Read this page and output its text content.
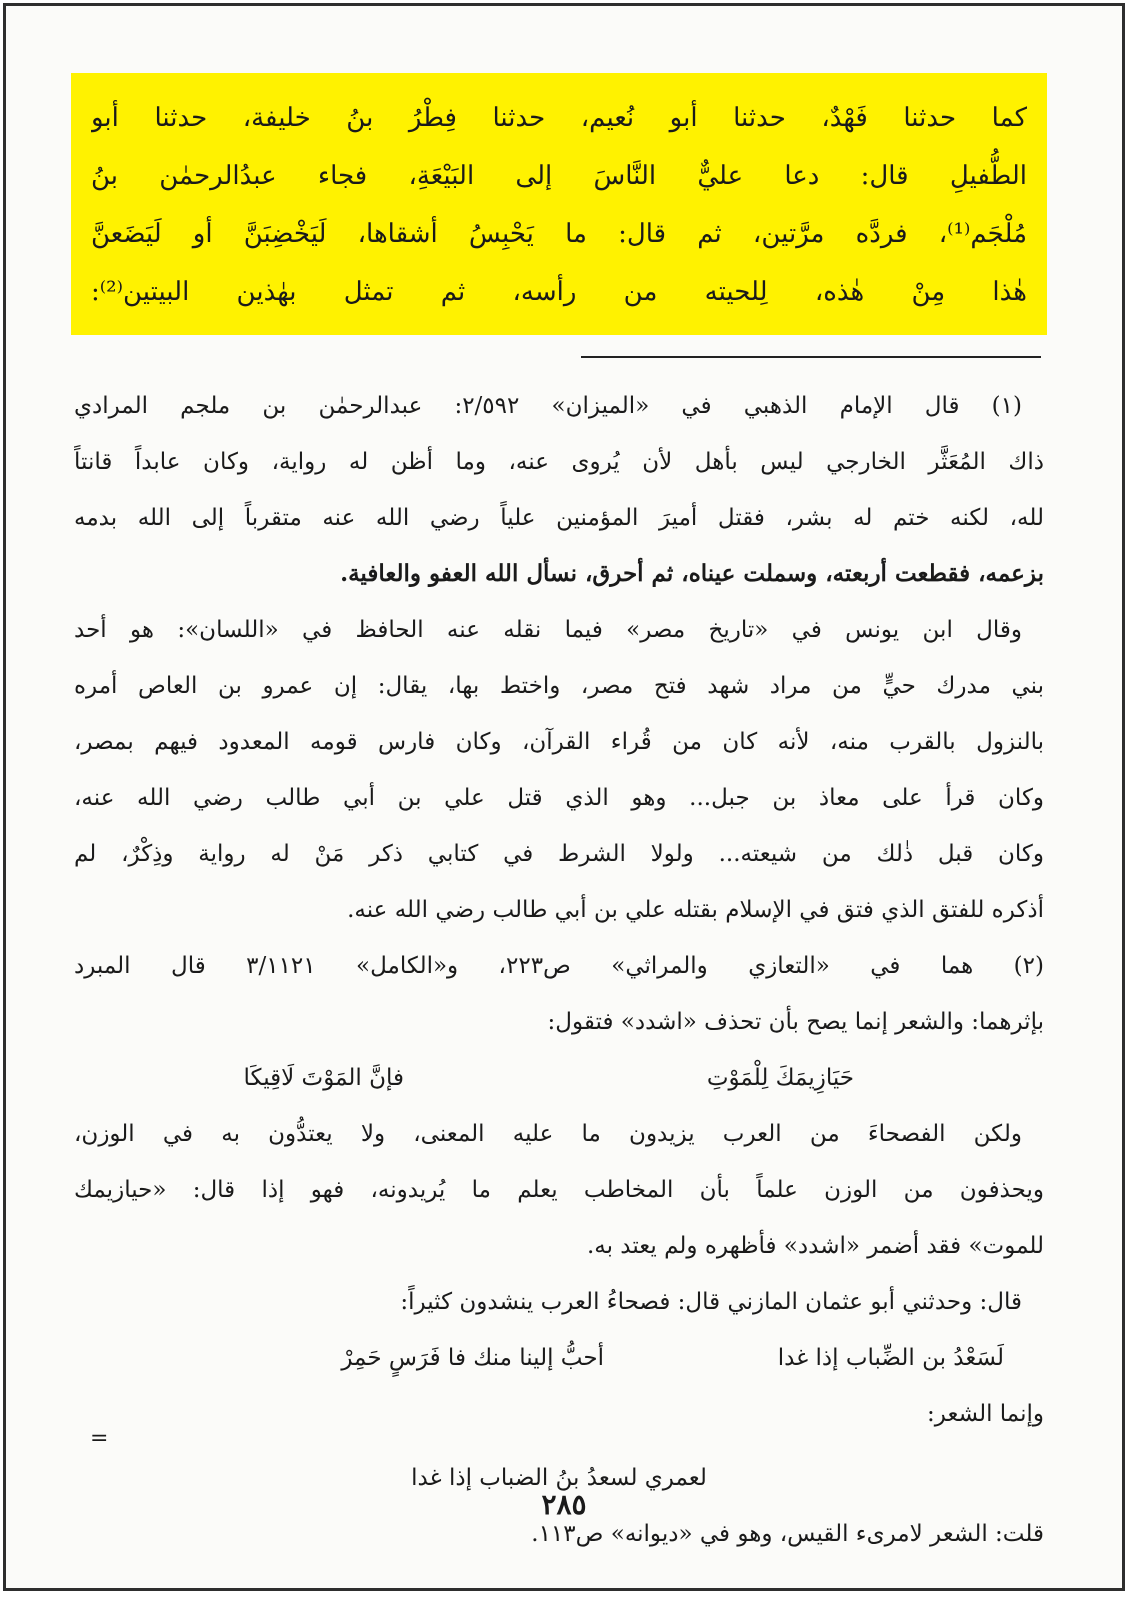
كما حدثنا فَهْدٌ، حدثنا أبو نُعيم، حدثنا فِطْرُ بنُ خليفة، حدثنا أبو
الطُّفيلِ قال: دعا عليٌّ النَّاسَ إلى البَيْعَةِ، فجاء عبدُالرحمٰن بنُ
مُلْجَم⁽¹⁾، فردَّه مرَّتين، ثم قال: ما يَحْبِسُ أشقاها، لَيَخْضِبَنَّ أو لَيَضَعنَّ
هٰذا مِنْ هٰذه، لِلحيته من رأسه، ثم تمثل بهٰذين البيتين⁽²⁾:
(١) قال الإمام الذهبي في «الميزان» ٢/٥٩٢: عبدالرحمٰن بن ملجم المرادي
ذاك المُعَثَّر الخارجي ليس بأهل لأن يُروى عنه، وما أظن له رواية، وكان عابداً قانتاً
لله، لكنه ختم له بشر، فقتل أميرَ المؤمنين علياً رضي الله عنه متقرباً إلى الله بدمه
بزعمه، فقطعت أربعته، وسملت عيناه، ثم أحرق، نسأل الله العفو والعافية.
وقال ابن يونس في «تاريخ مصر» فيما نقله عنه الحافظ في «اللسان»: هو أحد
بني مدرك حيٍّ من مراد شهد فتح مصر، واختط بها، يقال: إن عمرو بن العاص أمره
بالنزول بالقرب منه، لأنه كان من قُراء القرآن، وكان فارس قومه المعدود فيهم بمصر،
وكان قرأ على معاذ بن جبل... وهو الذي قتل علي بن أبي طالب رضي الله عنه،
وكان قبل ذٰلك من شيعته... ولولا الشرط في كتابي ذكر مَنْ له رواية وذِكْرٌ، لم
أذكره للفتق الذي فتق في الإسلام بقتله علي بن أبي طالب رضي الله عنه.
(٢) هما في «التعازي والمراثي» ص٢٢٣، و«الكامل» ٣/١١٢١ قال المبرد
بإثرهما: والشعر إنما يصح بأن تحذف «اشدد» فتقول:
حَيَازِيمَكَ لِلْمَوْتِ
فإنَّ المَوْتَ لَاقِيكَا
ولكن الفصحاءَ من العرب يزيدون ما عليه المعنى، ولا يعتدُّون به في الوزن،
ويحذفون من الوزن علماً بأن المخاطب يعلم ما يُريدونه، فهو إذا قال: «حيازيمك
للموت» فقد أضمر «اشدد» فأظهره ولم يعتد به.
قال: وحدثني أبو عثمان المازني قال: فصحاءُ العرب ينشدون كثيراً:
لَسَعْدُ بن الضِّباب إذا غدا
أحبُّ إلينا منك فا فَرَسٍ حَمِرْ
وإنما الشعر:
لعمري لسعدُ بنُ الضباب إذا غدا
قلت: الشعر لامرىء القيس، وهو في «ديوانه» ص١١٣.
=
٢٨٥
